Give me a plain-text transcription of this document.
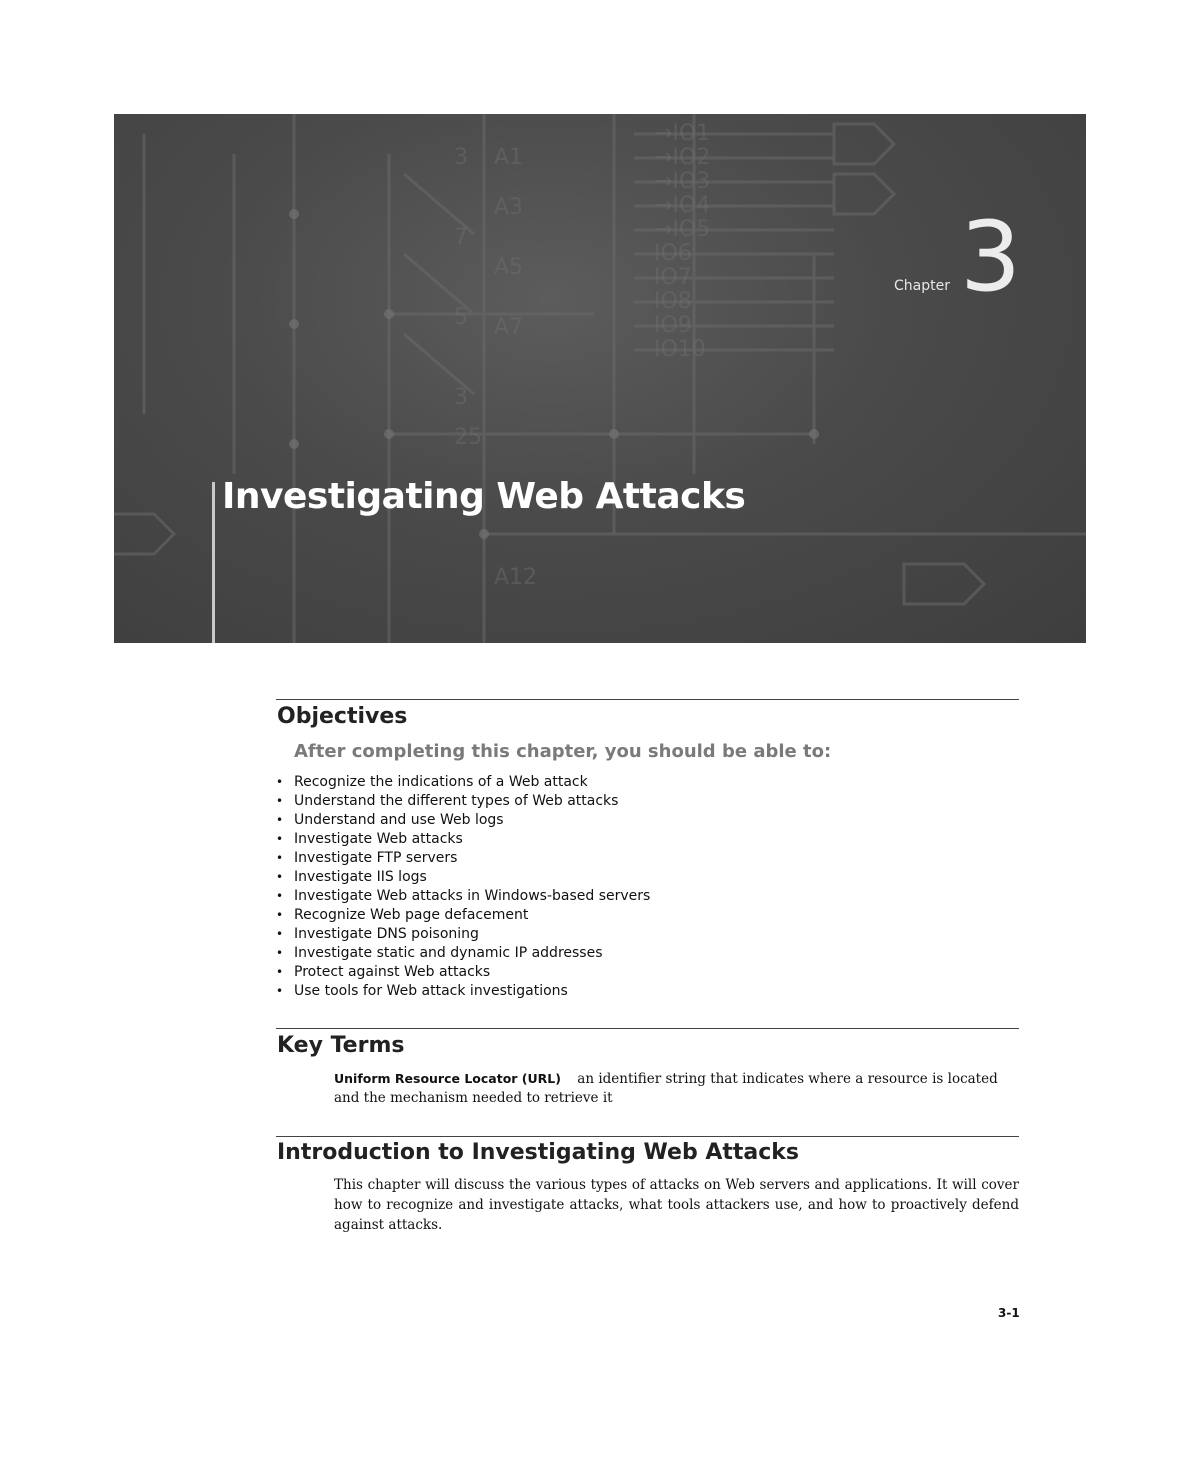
→IO1
→IO2
→IO3
→IO4
→IO5
IO6
IO7
IO8
IO9
IO10
3
7
5
3
25
A1
A3
A5
A7
A12
Chapter 3
Investigating Web Attacks
Objectives
After completing this chapter, you should be able to:
• Recognize the indications of a Web attack
• Understand the different types of Web attacks
• Understand and use Web logs
• Investigate Web attacks
• Investigate FTP servers
• Investigate IIS logs
• Investigate Web attacks in Windows-based servers
• Recognize Web page defacement
• Investigate DNS poisoning
• Investigate static and dynamic IP addresses
• Protect against Web attacks
• Use tools for Web attack investigations
Key Terms
Uniform Resource Locator (URL) an identifier string that indicates where a resource is located and the mechanism needed to retrieve it
Introduction to Investigating Web Attacks

This chapter will discuss the various types of attacks on Web servers and applications. It will cover how to recognize and investigate attacks, what tools attackers use, and how to proactively defend against attacks.

3-1
